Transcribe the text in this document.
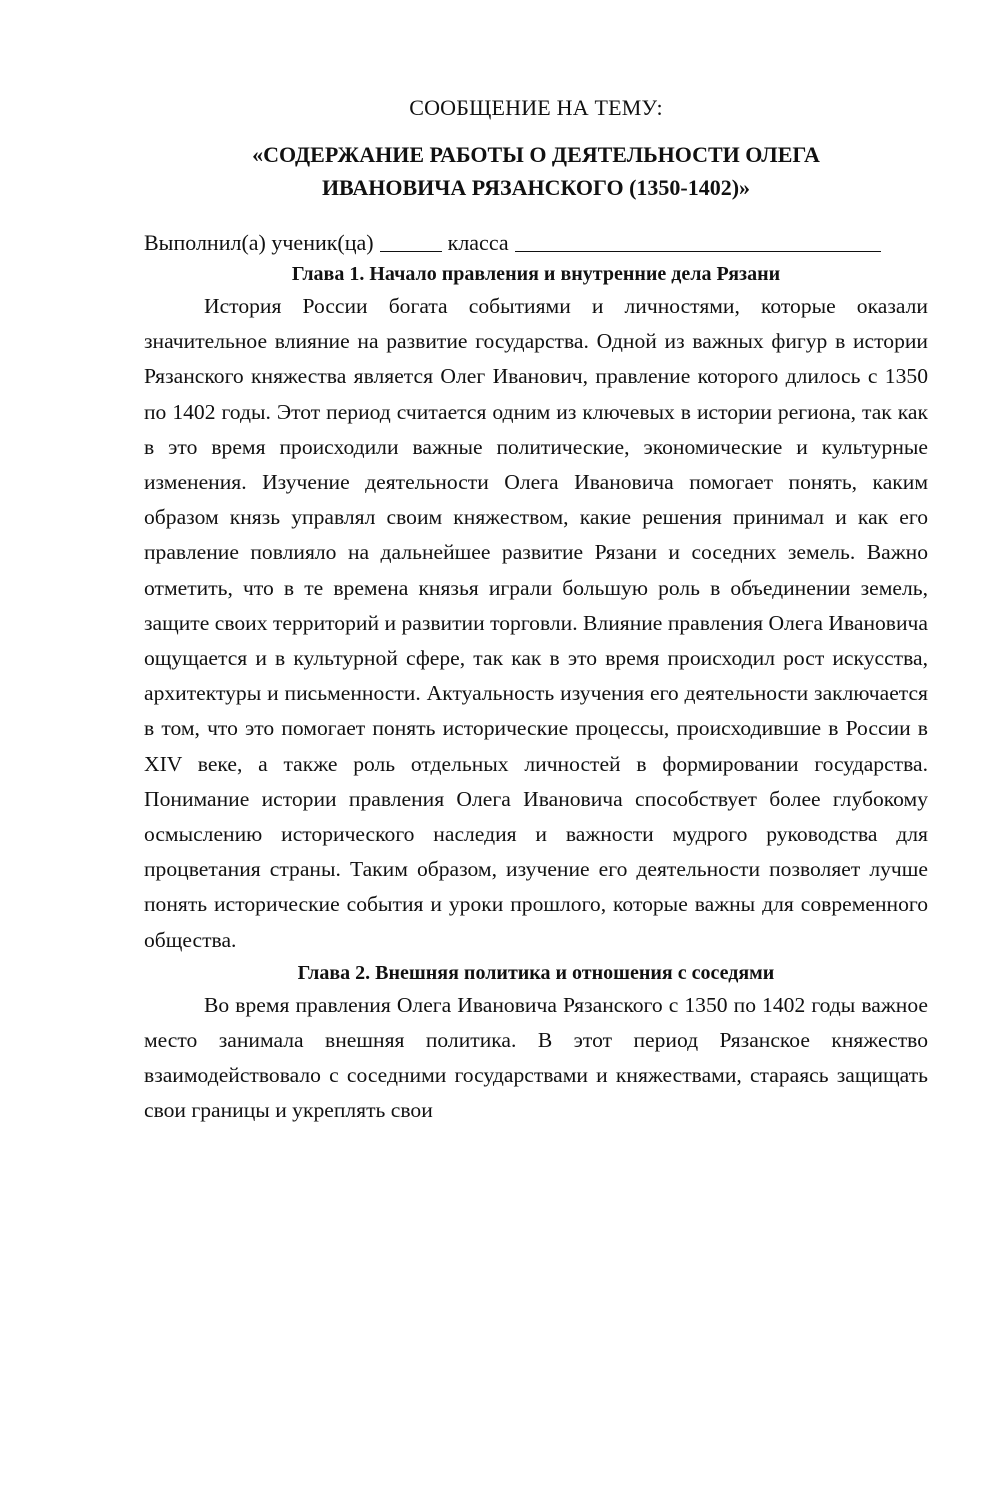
СООБЩЕНИЕ НА ТЕМУ:
«СОДЕРЖАНИЕ РАБОТЫ О ДЕЯТЕЛЬНОСТИ ОЛЕГА
ИВАНОВИЧА РЯЗАНСКОГО (1350-1402)»
Выполнил(а) ученик(ца)	класса
Глава 1. Начало правления и внутренние дела Рязани

История России богата событиями и личностями, которые оказали значительное влияние на развитие государства. Одной из важных фигур в истории Рязанского княжества является Олег Иванович, правление которого длилось с 1350 по 1402 годы. Этот период считается одним из ключевых в истории региона, так как в это время происходили важные политические, экономические и культурные изменения. Изучение деятельности Олега Ивановича помогает понять, каким образом князь управлял своим княжеством, какие решения принимал и как его правление повлияло на дальнейшее развитие Рязани и соседних земель. Важно отметить, что в те времена князья играли большую роль в объединении земель, защите своих территорий и развитии торговли. Влияние правления Олега Ивановича ощущается и в культурной сфере, так как в это время происходил рост искусства, архитектуры и письменности. Актуальность изучения его деятельности заключается в том, что это помогает понять исторические процессы, происходившие в России в XIV веке, а также роль отдельных личностей в формировании государства. Понимание истории правления Олега Ивановича способствует более глубокому осмыслению исторического наследия и важности мудрого руководства для процветания страны. Таким образом, изучение его деятельности позволяет лучше понять исторические события и уроки прошлого, которые важны для современного общества.

Глава 2. Внешняя политика и отношения с соседями

Во время правления Олега Ивановича Рязанского с 1350 по 1402 годы важное место занимала внешняя политика. В этот период Рязанское княжество взаимодействовало с соседними государствами и княжествами, стараясь защищать свои границы и укреплять свои
